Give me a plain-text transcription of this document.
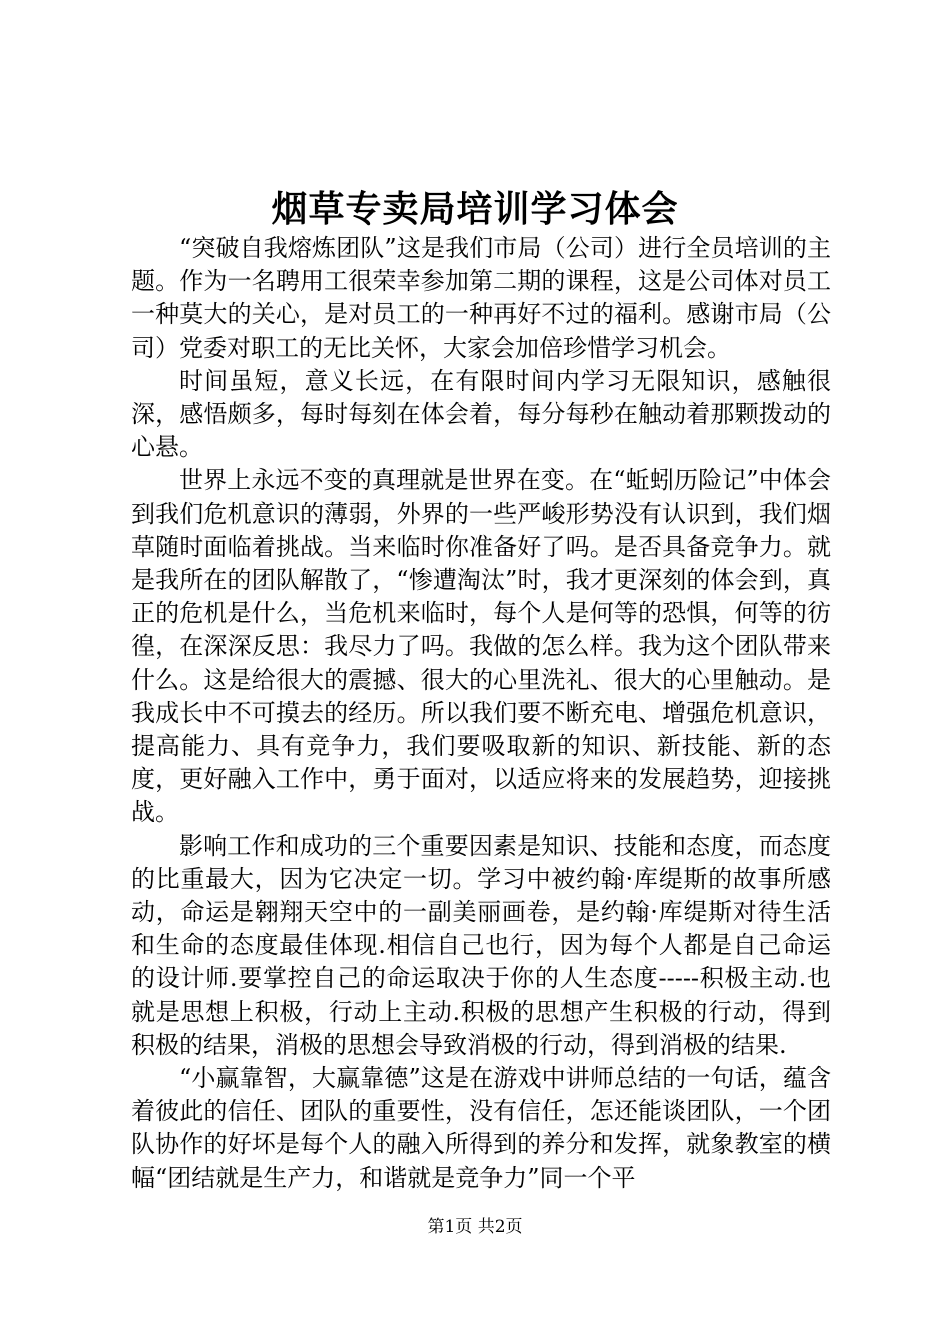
烟草专卖局培训学习体会

“突破自我熔炼团队”这是我们市局（公司）进行全员培训的主题。作为一名聘用工很荣幸参加第二期的课程，这是公司体对员工一种莫大的关心，是对员工的一种再好不过的福利。感谢市局（公司）党委对职工的无比关怀，大家会加倍珍惜学习机会。

时间虽短，意义长远，在有限时间内学习无限知识，感触很深，感悟颇多，每时每刻在体会着，每分每秒在触动着那颗拨动的心悬。

世界上永远不变的真理就是世界在变。在“蚯蚓历险记”中体会到我们危机意识的薄弱，外界的一些严峻形势没有认识到，我们烟草随时面临着挑战。当来临时你准备好了吗。是否具备竞争力。就是我所在的团队解散了，“惨遭淘汰”时，我才更深刻的体会到，真正的危机是什么，当危机来临时，每个人是何等的恐惧，何等的彷徨，在深深反思：我尽力了吗。我做的怎么样。我为这个团队带来什么。这是给很大的震撼、很大的心里洗礼、很大的心里触动。是我成长中不可摸去的经历。所以我们要不断充电、增强危机意识，提高能力、具有竞争力，我们要吸取新的知识、新技能、新的态度，更好融入工作中，勇于面对，以适应将来的发展趋势，迎接挑战。

影响工作和成功的三个重要因素是知识、技能和态度，而态度的比重最大，因为它决定一切。学习中被约翰·库缇斯的故事所感动，命运是翱翔天空中的一副美丽画卷，是约翰·库缇斯对待生活和生命的态度最佳体现.相信自己也行，因为每个人都是自己命运的设计师.要掌控自己的命运取决于你的人生态度-----积极主动.也就是思想上积极，行动上主动.积极的思想产生积极的行动，得到积极的结果，消极的思想会导致消极的行动，得到消极的结果.

“小赢靠智，大赢靠德”这是在游戏中讲师总结的一句话，蕴含着彼此的信任、团队的重要性，没有信任，怎还能谈团队，一个团队协作的好坏是每个人的融入所得到的养分和发挥，就象教室的横幅“团结就是生产力，和谐就是竞争力”同一个平

第1页 共2页
